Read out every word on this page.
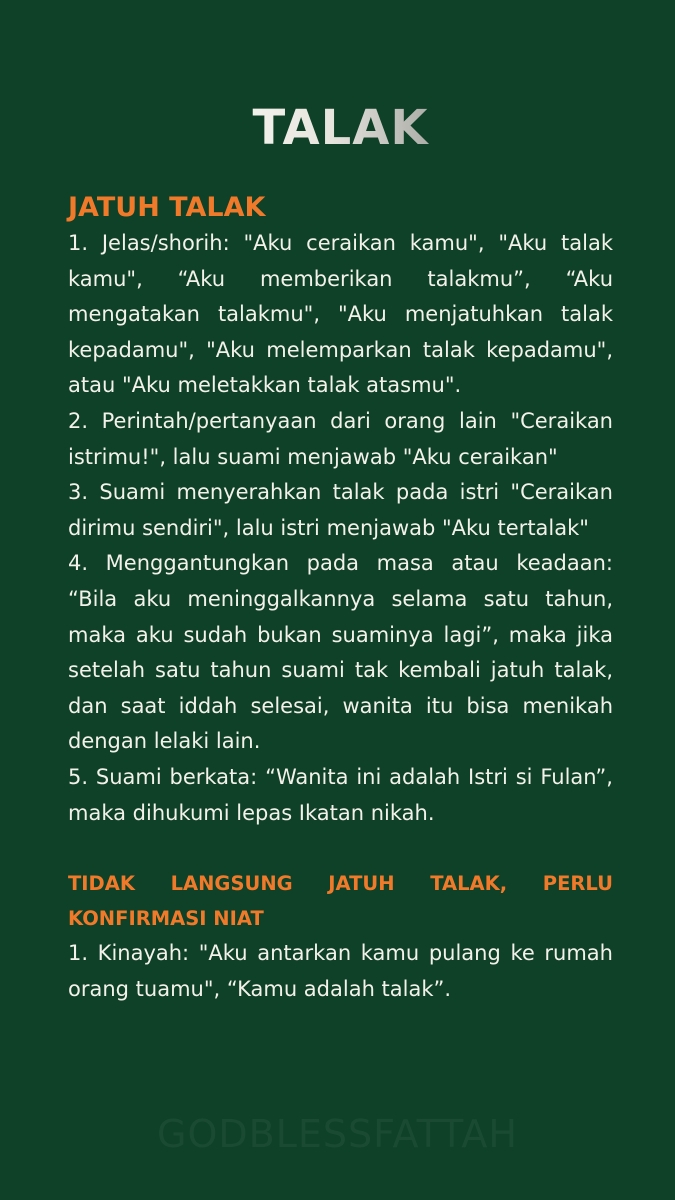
TALAK
JATUH TALAK

1. Jelas/shorih: "Aku ceraikan kamu", "Aku talak kamu", “Aku memberikan talakmu”, “Aku mengatakan talakmu", "Aku menjatuhkan talak kepadamu", "Aku melemparkan talak kepadamu", atau "Aku meletakkan talak atasmu".

2. Perintah/pertanyaan dari orang lain "Ceraikan istrimu!", lalu suami menjawab "Aku ceraikan"

3. Suami menyerahkan talak pada istri "Ceraikan dirimu sendiri", lalu istri menjawab "Aku tertalak"

4. Menggantungkan pada masa atau keadaan: “Bila aku meninggalkannya selama satu tahun, maka aku sudah bukan suaminya lagi”, maka jika setelah satu tahun suami tak kembali jatuh talak, dan saat iddah selesai, wanita itu bisa menikah dengan lelaki lain.

5. Suami berkata: “Wanita ini adalah Istri si Fulan”, maka dihukumi lepas Ikatan nikah.

TIDAK LANGSUNG JATUH TALAK, PERLU KONFIRMASI NIAT

1. Kinayah: "Aku antarkan kamu pulang ke rumah orang tuamu", “Kamu adalah talak”.

GODBLESSFATTAH
